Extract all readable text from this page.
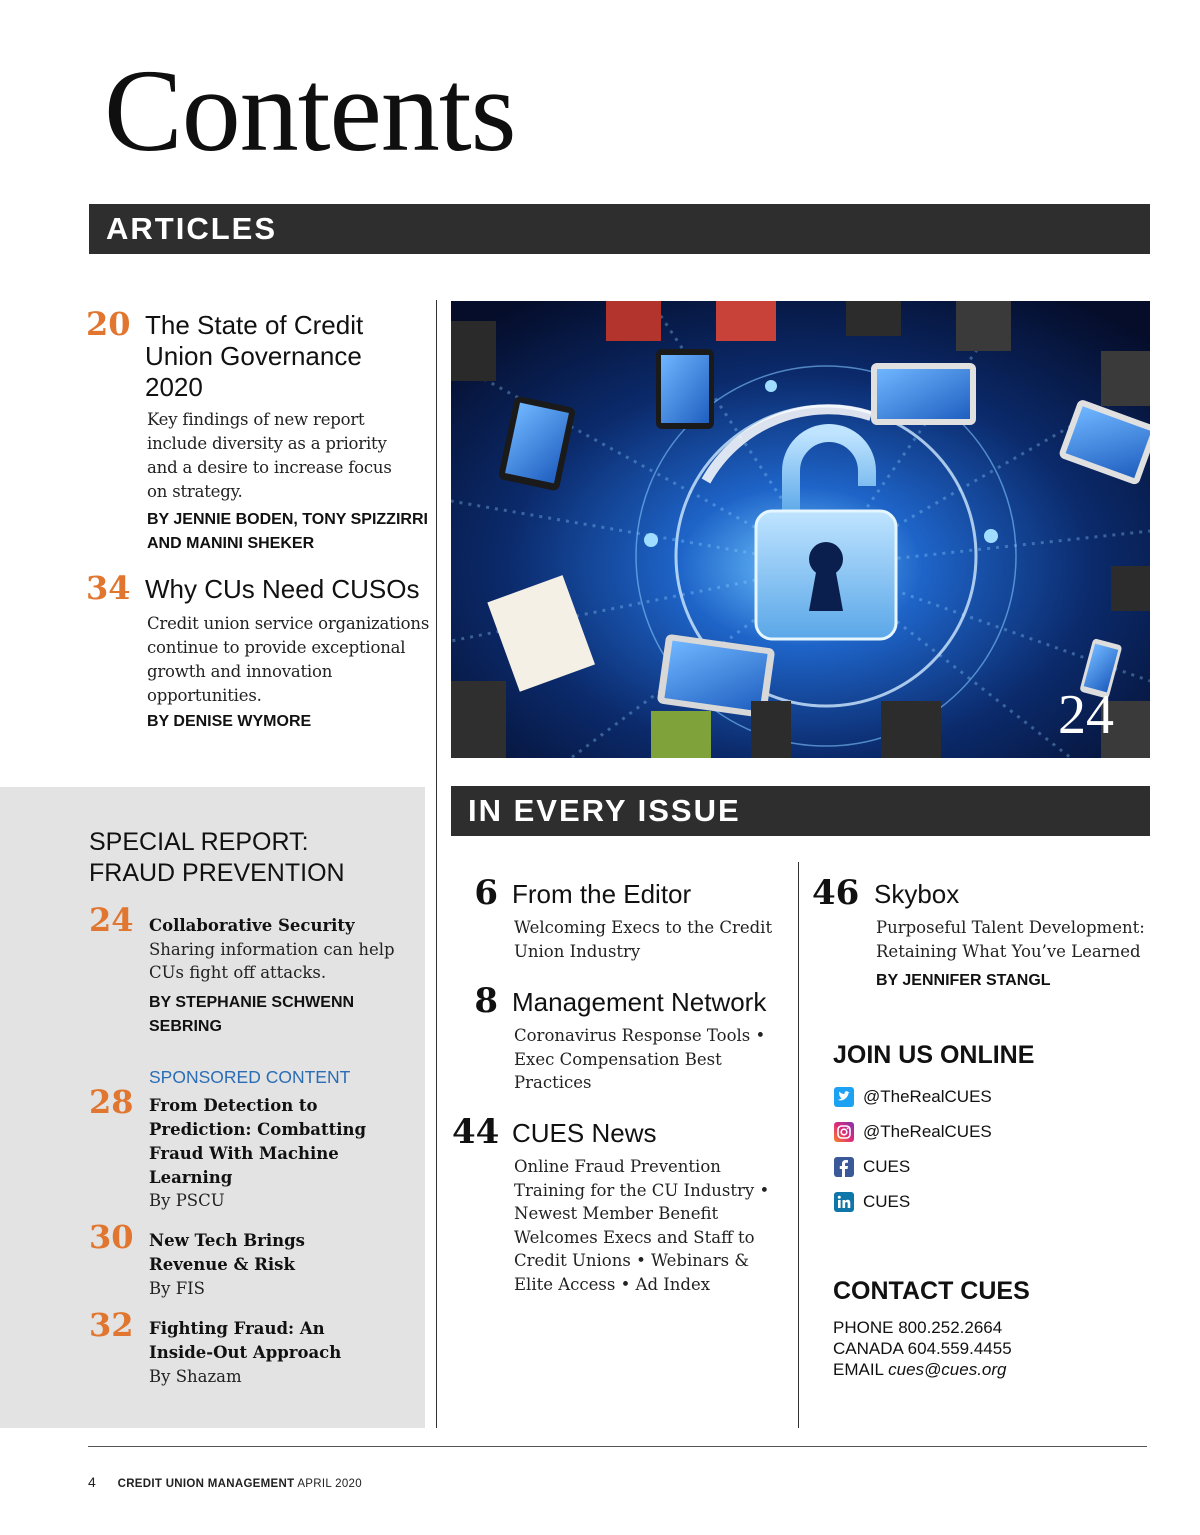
Contents
ARTICLES
20 The State of Credit Union Governance 2020
Key findings of new report include diversity as a priority and a desire to increase focus on strategy.
BY JENNIE BODEN, TONY SPIZZIRRI AND MANINI SHEKER
34 Why CUs Need CUSOs
Credit union service organizations continue to provide exceptional growth and innovation opportunities.
BY DENISE WYMORE	24
SPECIAL REPORT:
FRAUD PREVENTION
24 Collaborative Security
Sharing information can help CUs fight off attacks.
BY STEPHANIE SCHWENN SEBRING
SPONSORED CONTENT
28 From Detection to Prediction: Combatting Fraud With Machine Learning
By PSCU
30 New Tech Brings Revenue & Risk
By FIS
32 Fighting Fraud: An Inside-Out Approach
By Shazam
IN EVERY ISSUE
6 From the Editor
Welcoming Execs to the Credit Union Industry
8 Management Network
Coronavirus Response Tools • Exec Compensation Best Practices
44 CUES News
Online Fraud Prevention Training for the CU Industry • Newest Member Benefit Welcomes Execs and Staff to Credit Unions • Webinars & Elite Access • Ad Index
46 Skybox
Purposeful Talent Development: Retaining What You’ve Learned
BY JENNIFER STANGL
JOIN US ONLINE
@TheRealCUES
@TheRealCUES
CUES
CUES
CONTACT CUES
PHONE 800.252.2664
CANADA 604.559.4455
EMAIL cues@cues.org
4 CREDIT UNION MANAGEMENT APRIL 2020
